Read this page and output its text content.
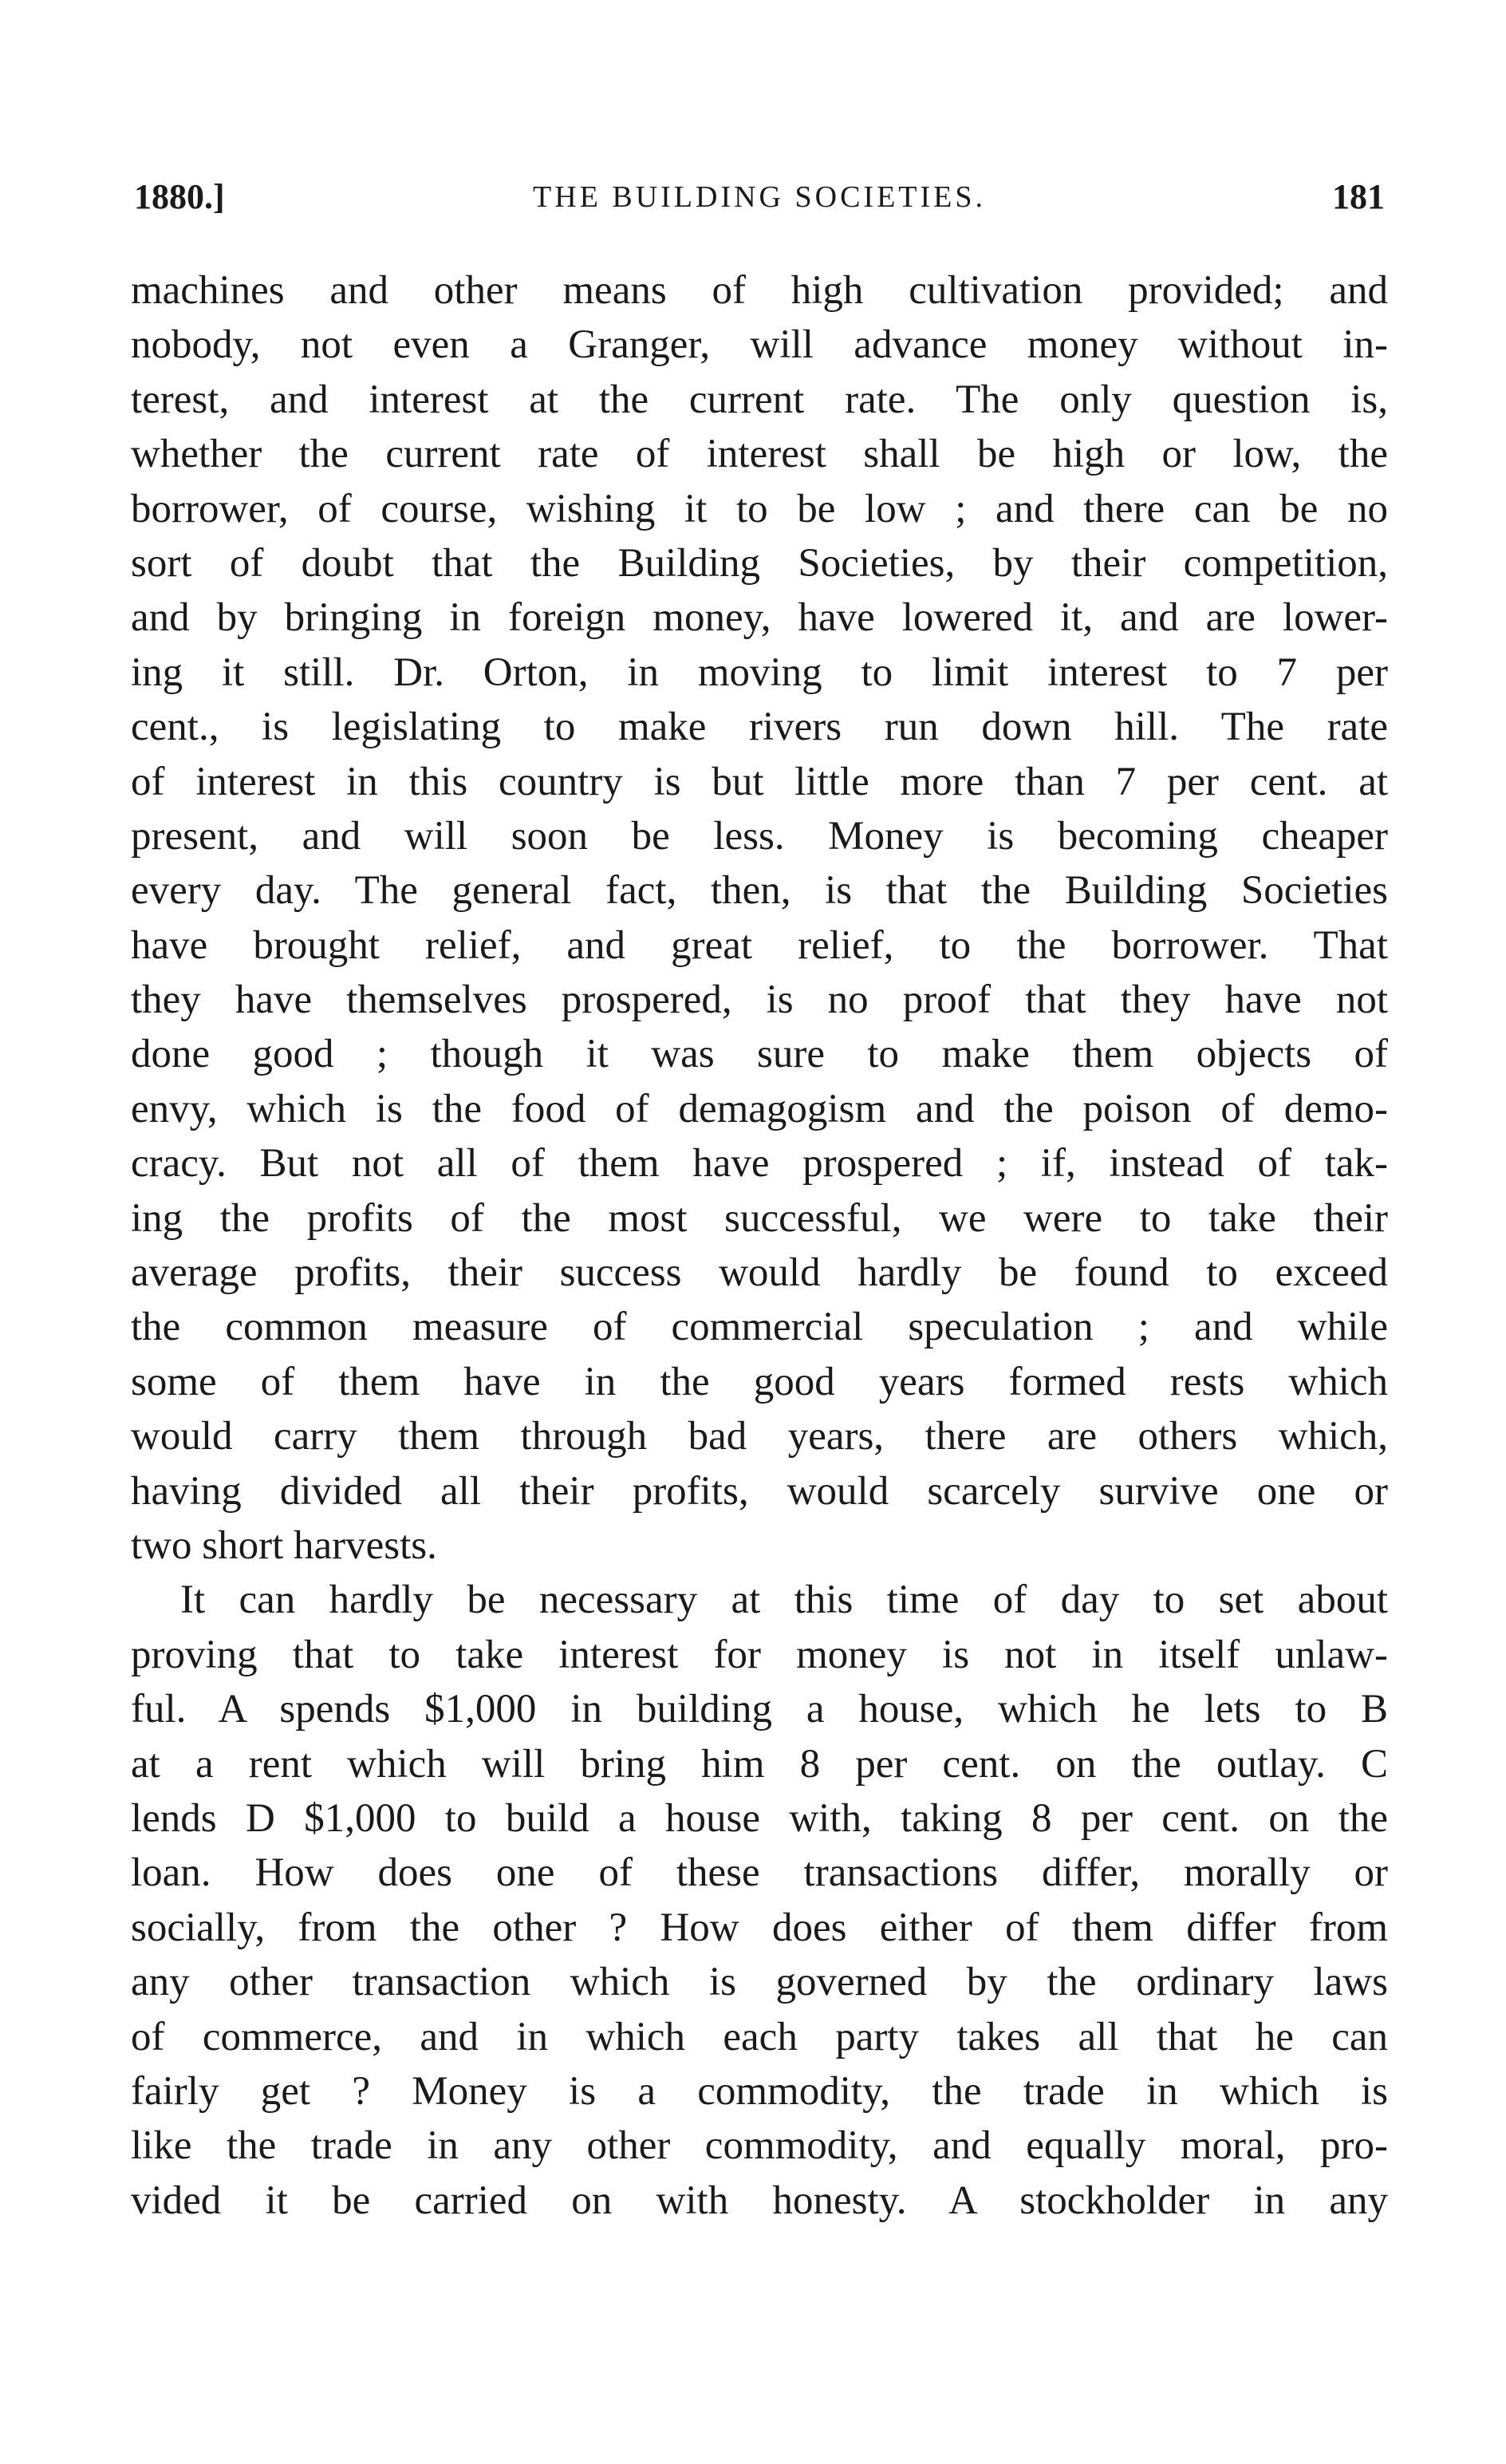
1880.]	THE BUILDING SOCIETIES.	181
machines and other means of high cultivation provided; and
nobody, not even a Granger, will advance money without in-
terest, and interest at the current rate. The only question is,
whether the current rate of interest shall be high or low, the
borrower, of course, wishing it to be low ; and there can be no
sort of doubt that the Building Societies, by their competition,
and by bringing in foreign money, have lowered it, and are lower-
ing it still. Dr. Orton, in moving to limit interest to 7 per
cent., is legislating to make rivers run down hill. The rate
of interest in this country is but little more than 7 per cent. at
present, and will soon be less. Money is becoming cheaper
every day. The general fact, then, is that the Building Societies
have brought relief, and great relief, to the borrower. That
they have themselves prospered, is no proof that they have not
done good ; though it was sure to make them objects of
envy, which is the food of demagogism and the poison of demo-
cracy. But not all of them have prospered ; if, instead of tak-
ing the profits of the most successful, we were to take their
average profits, their success would hardly be found to exceed
the common measure of commercial speculation ; and while
some of them have in the good years formed rests which
would carry them through bad years, there are others which,
having divided all their profits, would scarcely survive one or
two short harvests.
It can hardly be necessary at this time of day to set about
proving that to take interest for money is not in itself unlaw-
ful. A spends $1,000 in building a house, which he lets to B
at a rent which will bring him 8 per cent. on the outlay. C
lends D $1,000 to build a house with, taking 8 per cent. on the
loan. How does one of these transactions differ, morally or
socially, from the other ? How does either of them differ from
any other transaction which is governed by the ordinary laws
of commerce, and in which each party takes all that he can
fairly get ? Money is a commodity, the trade in which is
like the trade in any other commodity, and equally moral, pro-
vided it be carried on with honesty. A stockholder in any
